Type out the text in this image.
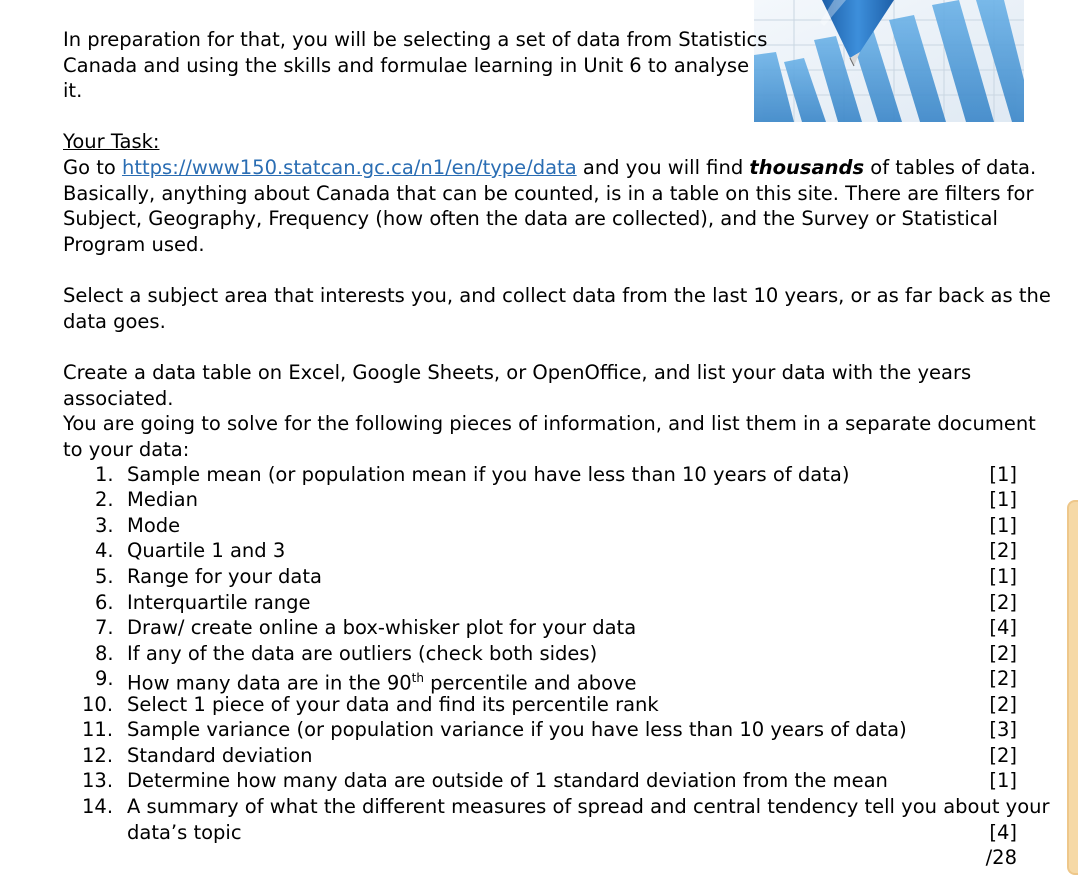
In preparation for that, you will be selecting a set of data from Statistics
Canada and using the skills and formulae learning in Unit 6 to analyse
it.
Your Task:
Go to https://www150.statcan.gc.ca/n1/en/type/data and you will find thousands of tables of data.
Basically, anything about Canada that can be counted, is in a table on this site. There are filters for
Subject, Geography, Frequency (how often the data are collected), and the Survey or Statistical
Program used.
Select a subject area that interests you, and collect data from the last 10 years, or as far back as the
data goes.
Create a data table on Excel, Google Sheets, or OpenOffice, and list your data with the years
associated.
You are going to solve for the following pieces of information, and list them in a separate document
to your data:
1. Sample mean (or population mean if you have less than 10 years of data)	[1]
2. Median	[1]
3. Mode	[1]
4. Quartile 1 and 3	[2]
5. Range for your data	[1]
6. Interquartile range	[2]
7. Draw/ create online a box-whisker plot for your data	[4]
8. If any of the data are outliers (check both sides)	[2]
9. How many data are in the 90th percentile and above	[2]
10. Select 1 piece of your data and find its percentile rank	[2]
11. Sample variance (or population variance if you have less than 10 years of data)	[3]
12. Standard deviation	[2]
13. Determine how many data are outside of 1 standard deviation from the mean	[1]
14. A summary of what the different measures of spread and central tendency tell you about your
data’s topic	[4]
/28
